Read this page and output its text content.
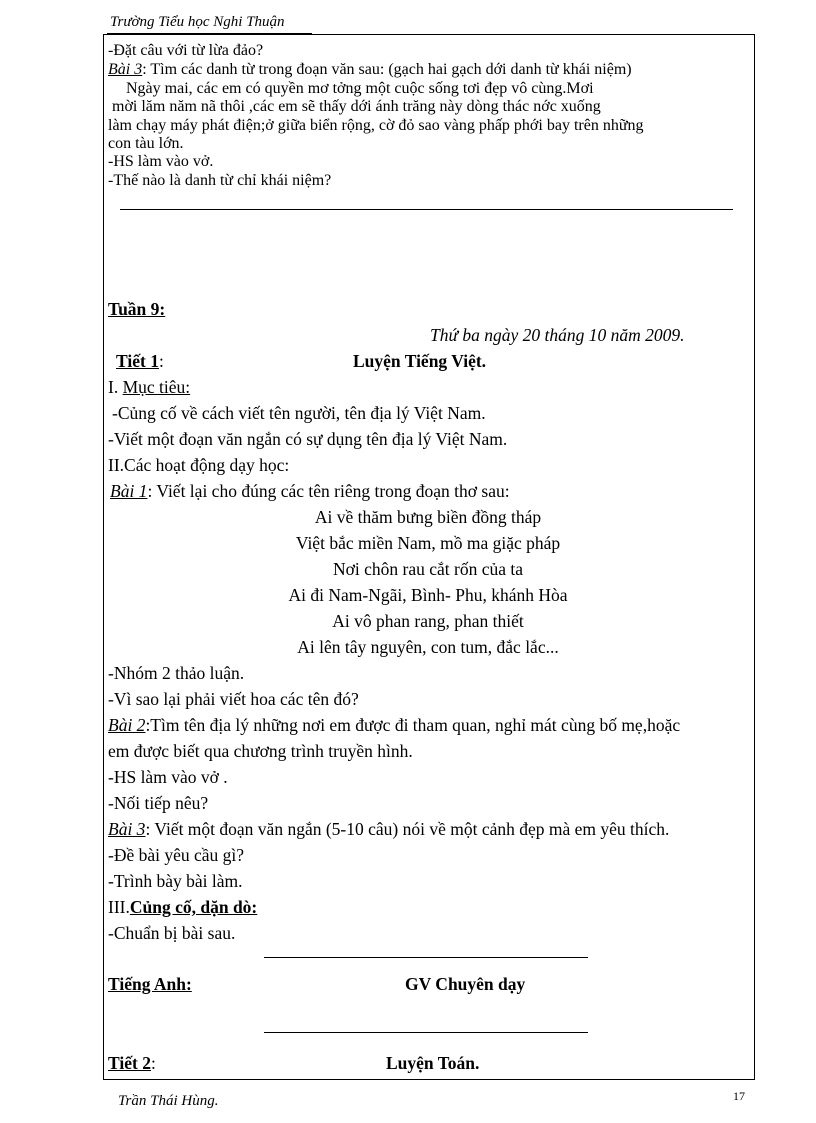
Trường Tiểu học Nghi Thuận
-Đặt câu với từ lừa đảo?
Bài 3: Tìm các danh từ trong đoạn văn sau: (gạch hai gạch dới danh từ khái niệm)
Ngày mai, các em có quyền mơ tởng một cuộc sống tơi đẹp vô cùng.Mơi
mời lăm năm nã thôi ,các em sẽ thấy dới ánh trăng này dòng thác nớc xuống
làm chạy máy phát điện;ở giữa biển rộng, cờ đỏ sao vàng phấp phới bay trên những
con tàu lớn.
-HS làm vào vở.
-Thế nào là danh từ chỉ khái niệm?
Tuần 9:
Thứ ba ngày 20 tháng 10 năm 2009.
Tiết 1:	Luyện Tiếng Việt.
I. Mục tiêu:
-Củng cố về cách viết tên người, tên địa lý Việt Nam.
-Viết một đoạn văn ngắn có sự dụng tên địa lý Việt Nam.
II.Các hoạt động dạy học:
Bài 1: Viết lại cho đúng các tên riêng trong đoạn thơ sau:
Ai về thăm bưng biền đồng tháp
Việt bắc miền Nam, mồ ma giặc pháp
Nơi chôn rau cắt rốn của ta
Ai đi Nam-Ngãi, Bình- Phu, khánh Hòa
Ai vô phan rang, phan thiết
Ai lên tây nguyên, con tum, đắc lắc...
-Nhóm 2 thảo luận.
-Vì sao lại phải viết hoa các tên đó?
Bài 2:Tìm tên địa lý những nơi em được đi tham quan, nghỉ mát cùng bố mẹ,hoặc
em được biết qua chương trình truyền hình.
-HS làm vào vở .
-Nối tiếp nêu?
Bài 3: Viết một đoạn văn ngắn (5-10 câu) nói về một cảnh đẹp mà em yêu thích.
-Đề bài yêu cầu gì?
-Trình bày bài làm.
III.Củng cố, dặn dò:
-Chuẩn bị bài sau.
Tiếng Anh:	GV Chuyên dạy
Tiết 2:	Luyện Toán.
Trần Thái Hùng.	17
